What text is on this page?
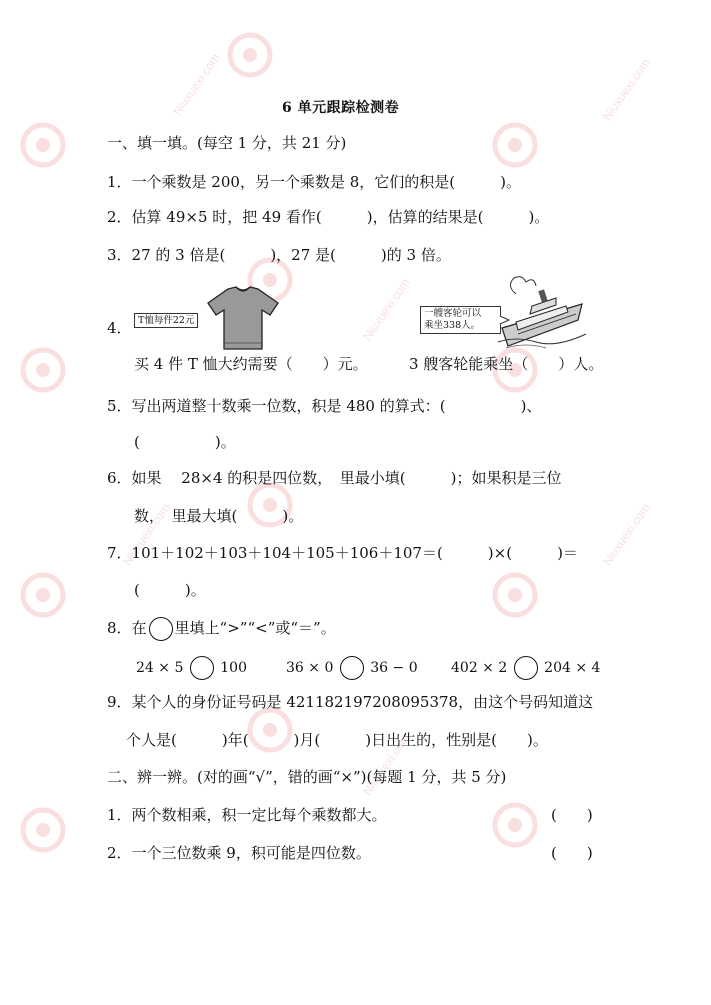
Niuxuexi.com	Niuxuexi.com
Niuxuexi.com
Niuxuexi.com
Niuxuexi.com
Niuxuexi.com
6 单元跟踪检测卷
一、填一填。(每空 1 分，共 21 分)
1．一个乘数是 200，另一个乘数是 8，它们的积是(　　　)。
2．估算 49×5 时，把 49 看作(　　　)，估算的结果是(　　　)。
3．27 的 3 倍是(　　　)，27 是(　　　)的 3 倍。
4． T恤每件22元
一艘客轮可以
乘坐338人。
买 4 件 T 恤大约需要（　　）元。	3 艘客轮能乘坐（　　）人。
5．写出两道整十数乘一位数，积是 480 的算式：(　　　　　)、
(　　　　　)。
6．如果 　28×4 的积是四位数，　里最小填(　　　)；如果积是三位
数，　里最大填(　　　)。
7．101＋102＋103＋104＋105＋106＋107＝(　　　)×(　　　)＝
(　　　)。
8．在 里填上“>”“<”或“＝”。
24 × 5	100	36 × 0	36 − 0 402 × 2	204 × 4
9．某个人的身份证号码是 421182197208095378，由这个号码知道这
个人是(　　　)年(　　　)月(　　　)日出生的，性别是(　　)。
二、辨一辨。(对的画“√”，错的画“×”)(每题 1 分，共 5 分)
1．两个数相乘，积一定比每个乘数都大。	(　　)
2．一个三位数乘 9，积可能是四位数。	(　　)
